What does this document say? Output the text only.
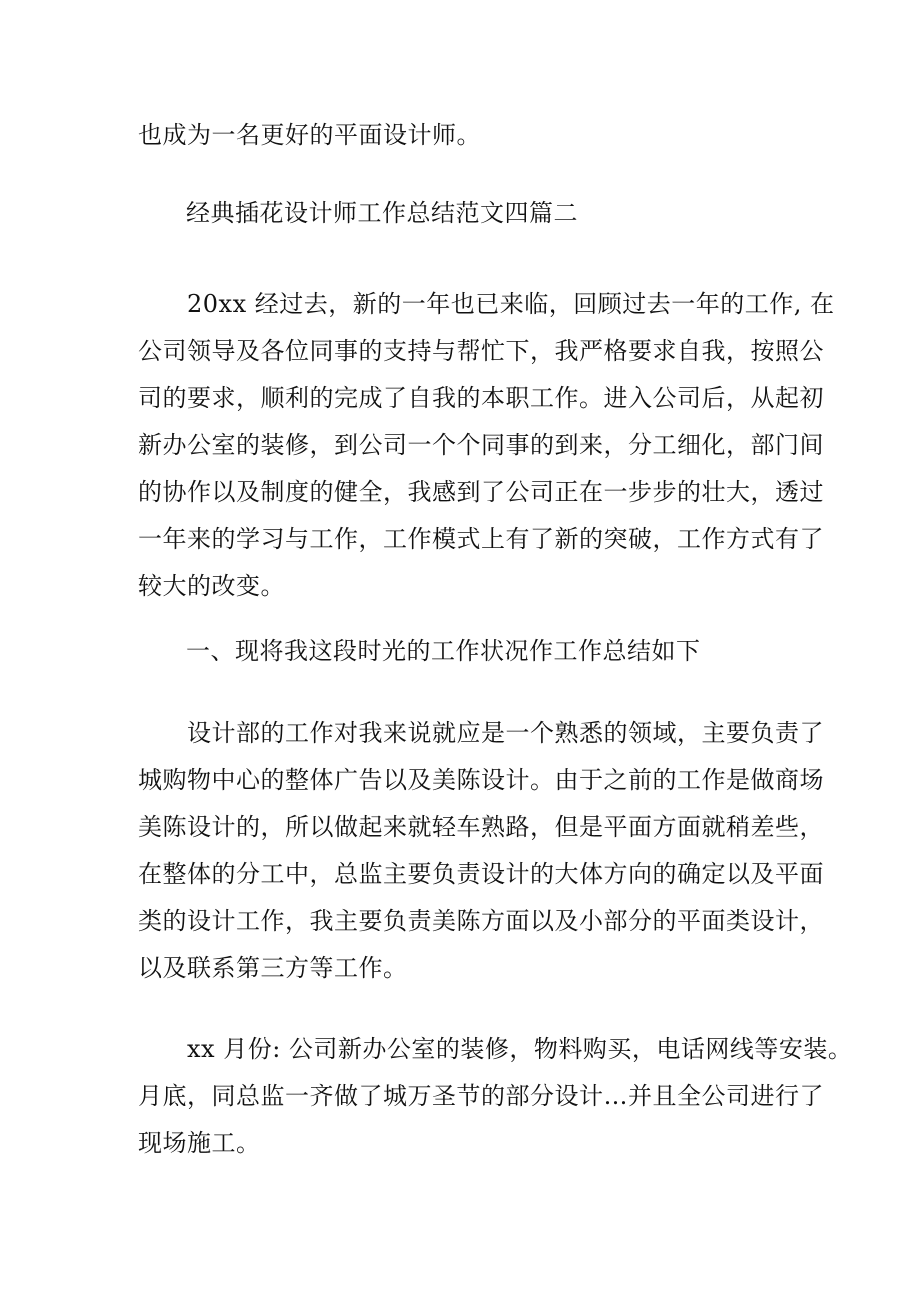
也成为一名更好的平面设计师。

经典插花设计师工作总结范文四篇二

　　20xx 经过去，新的一年也已来临，回顾过去一年的工作, 在
公司领导及各位同事的支持与帮忙下，我严格要求自我，按照公
司的要求，顺利的完成了自我的本职工作。进入公司后，从起初
新办公室的装修，到公司一个个同事的到来，分工细化，部门间
的协作以及制度的健全，我感到了公司正在一步步的壮大，透过
一年来的学习与工作，工作模式上有了新的突破，工作方式有了
较大的改变。

一、现将我这段时光的工作状况作工作总结如下

　　设计部的工作对我来说就应是一个熟悉的领域，主要负责了
城购物中心的整体广告以及美陈设计。由于之前的工作是做商场
美陈设计的，所以做起来就轻车熟路，但是平面方面就稍差些，
在整体的分工中，总监主要负责设计的大体方向的确定以及平面
类的设计工作，我主要负责美陈方面以及小部分的平面类设计，
以及联系第三方等工作。

　　xx 月份: 公司新办公室的装修，物料购买，电话网线等安装。
月底，同总监一齐做了城万圣节的部分设计…并且全公司进行了
现场施工。
